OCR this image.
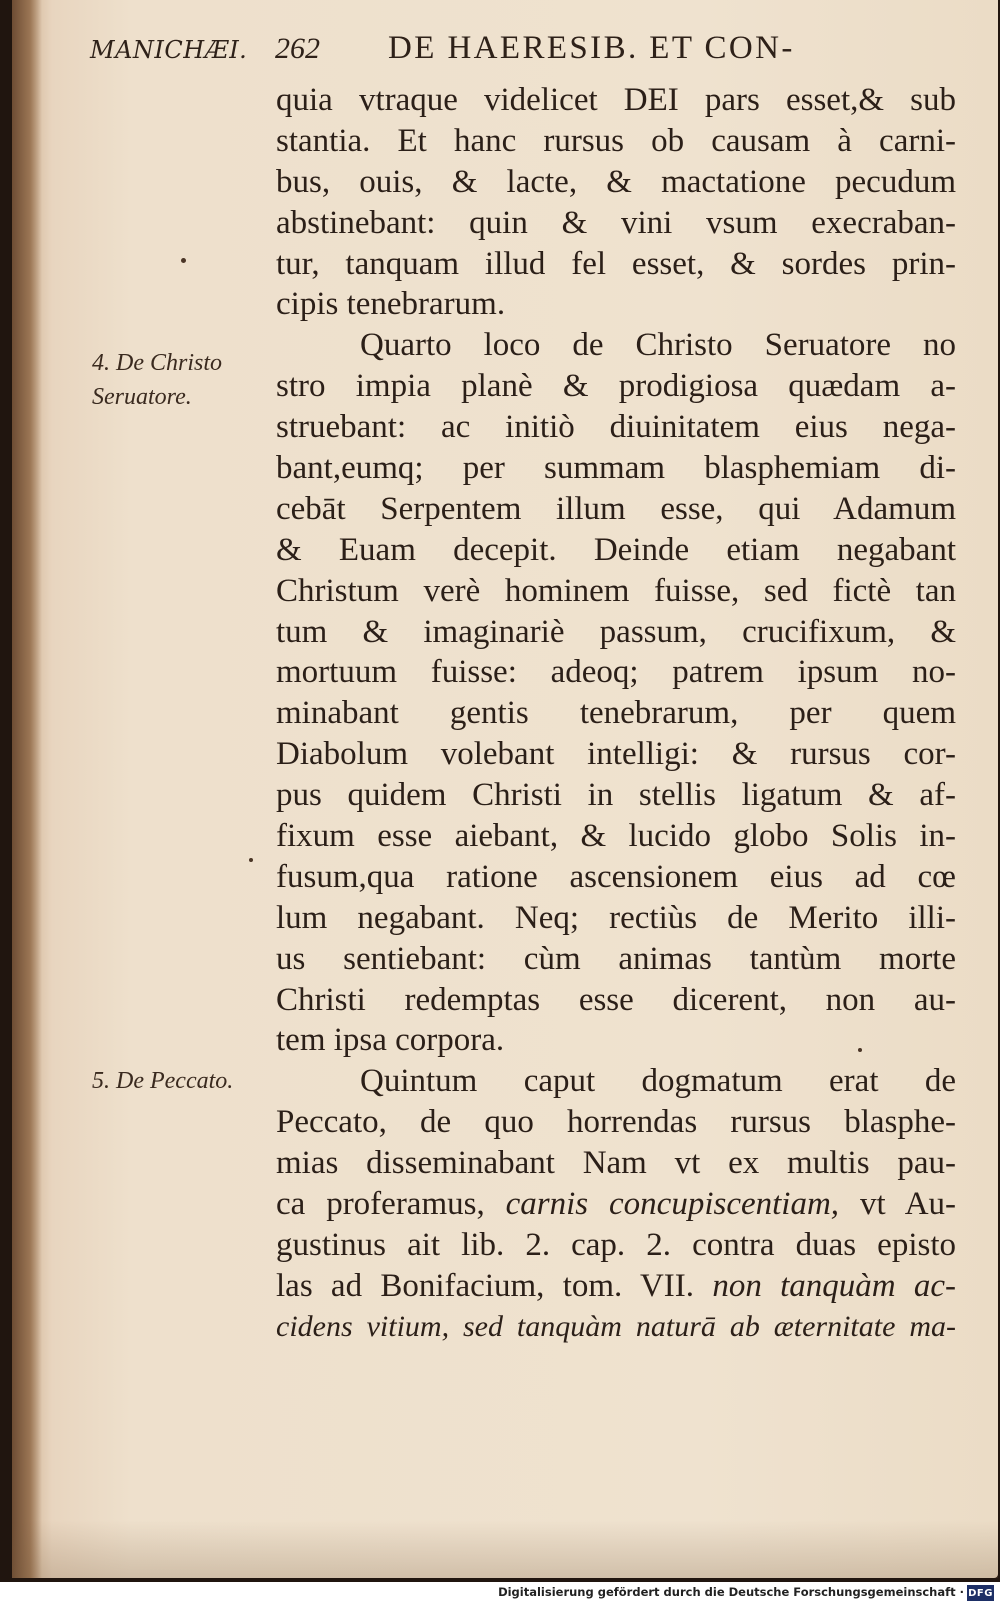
MANICHÆI. 262 DE HAERESIB. ET CON-
4. De Christo
Seruatore.
5. De Peccato.
quia vtraque videlicet DEI pars esset,& sub
stantia. Et hanc rursus ob causam à carni-
bus, ouis, & lacte, & mactatione pecudum
abstinebant: quin & vini vsum execraban-
tur, tanquam illud fel esset, & sordes prin-
cipis tenebrarum.
Quarto loco de Christo Seruatore no
stro impia planè & prodigiosa quædam a-
struebant: ac initiò diuinitatem eius nega-
bant,eumq; per summam blasphemiam di-
cebāt Serpentem illum esse, qui Adamum
& Euam decepit. Deinde etiam negabant
Christum verè hominem fuisse, sed fictè tan
tum & imaginariè passum, crucifixum, &
mortuum fuisse: adeoq; patrem ipsum no-
minabant gentis tenebrarum, per quem
Diabolum volebant intelligi: & rursus cor-
pus quidem Christi in stellis ligatum & af-
fixum esse aiebant, & lucido globo Solis in-
fusum,qua ratione ascensionem eius ad cœ
lum negabant. Neq; rectiùs de Merito illi-
us sentiebant: cùm animas tantùm morte
Christi redemptas esse dicerent, non au-
tem ipsa corpora.
Quintum caput dogmatum erat de
Peccato, de quo horrendas rursus blasphe-
mias disseminabant Nam vt ex multis pau-
ca proferamus, carnis concupiscentiam, vt Au-
gustinus ait lib. 2. cap. 2. contra duas episto
las ad Bonifacium, tom. VII. non tanquàm ac-
cidens vitium, sed tanquàm naturā ab æternitate ma-
Digitalisierung gefördert durch die Deutsche Forschungsgemeinschaft · DFG
